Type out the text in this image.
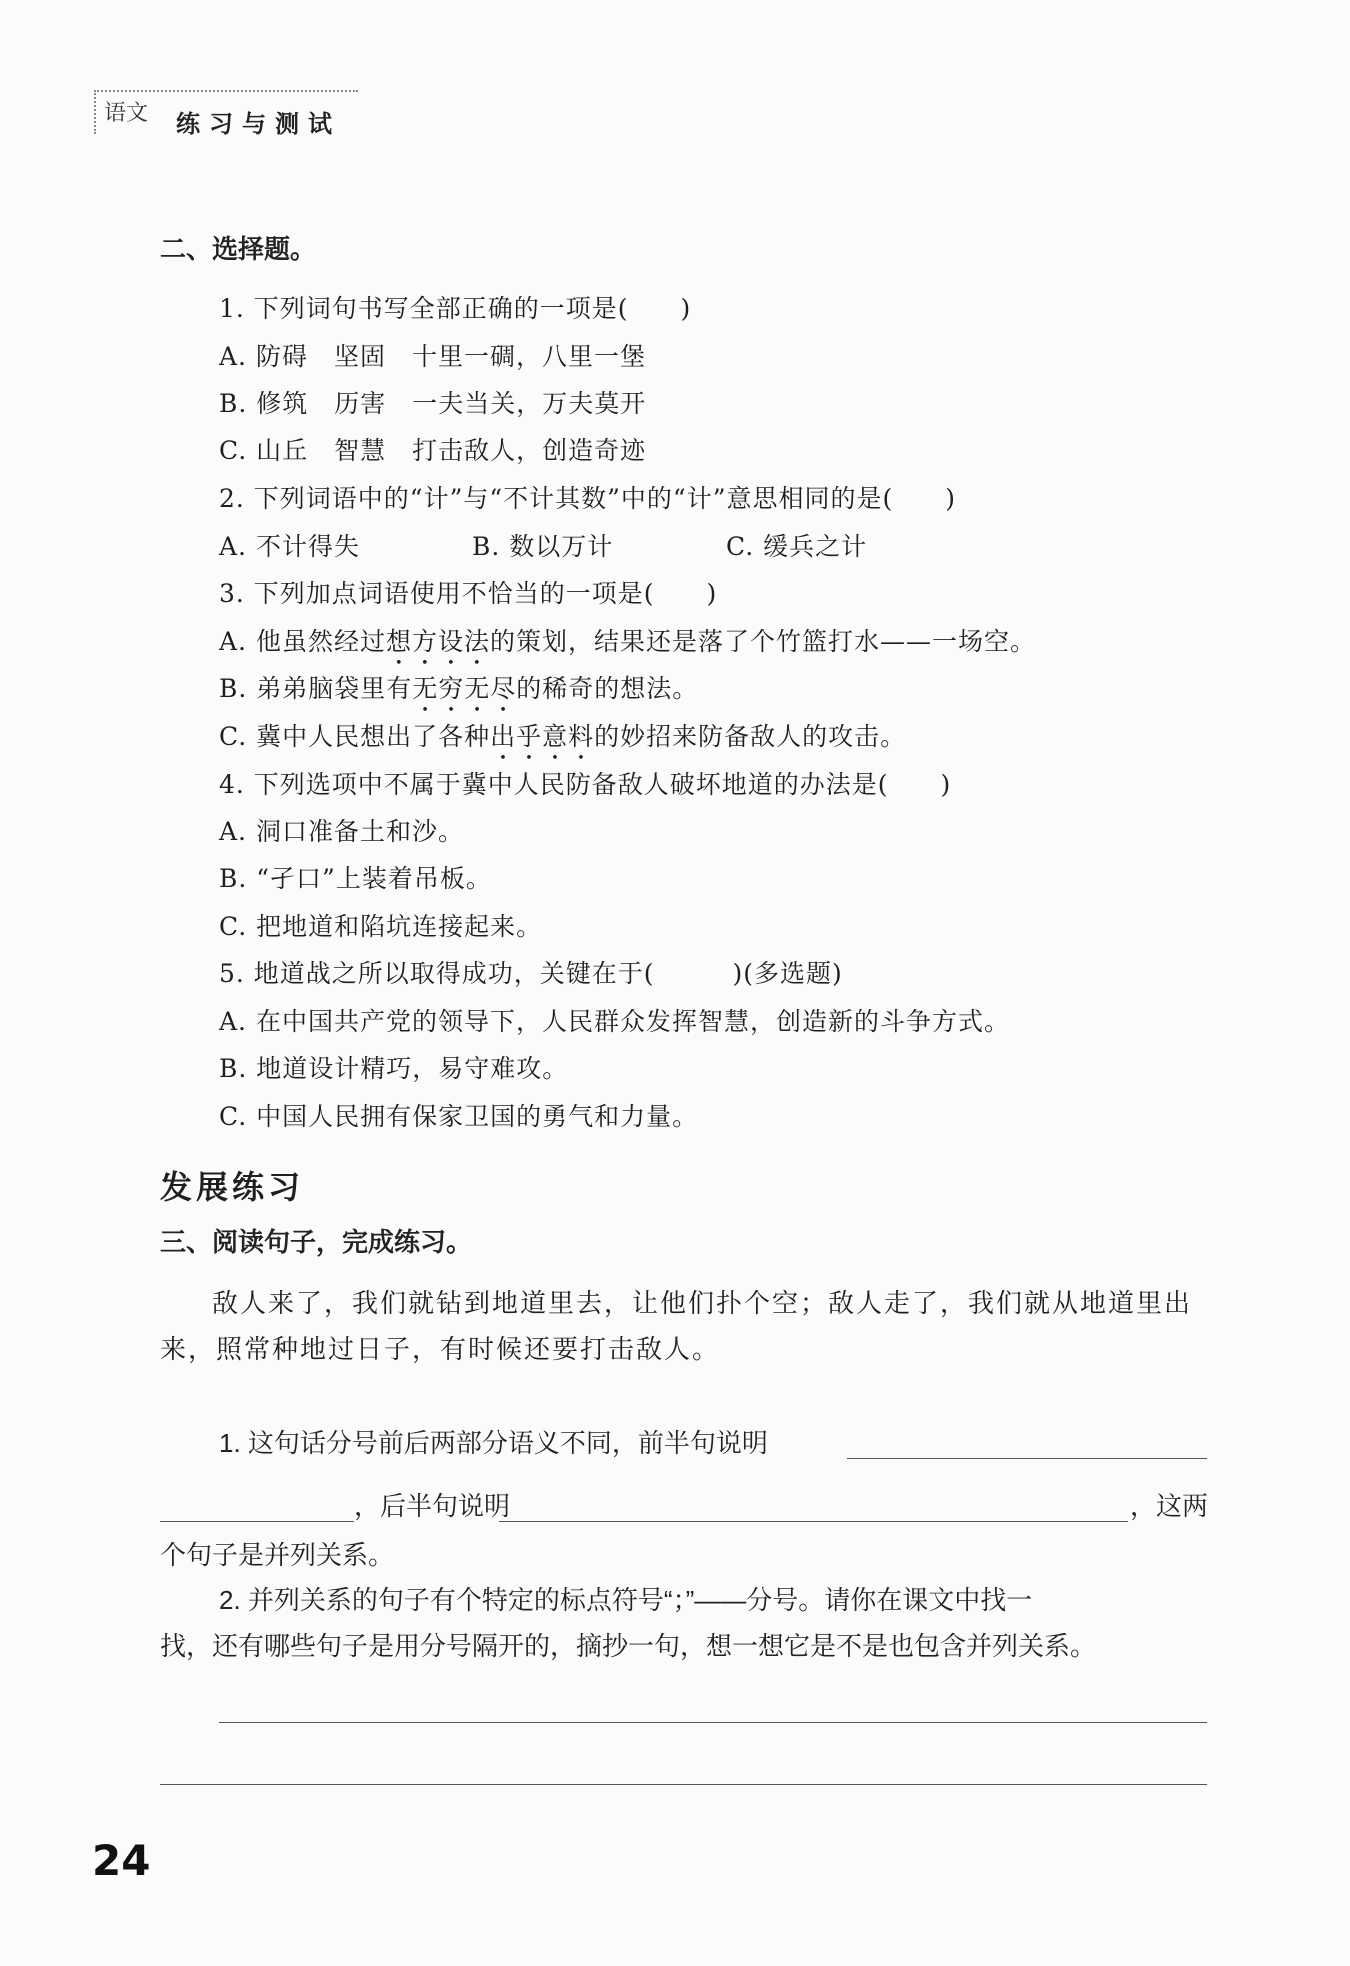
语文 练习与测试
二、选择题。
1. 下列词句书写全部正确的一项是(　　)
A. 防碍　坚固　十里一碉，八里一堡
B. 修筑　历害　一夫当关，万夫莫开
C. 山丘　智慧　打击敌人，创造奇迹
2. 下列词语中的“计”与“不计其数”中的“计”意思相同的是(　　)
A. 不计得失	B. 数以万计	C. 缓兵之计
3. 下列加点词语使用不恰当的一项是(　　)
A. 他虽然经过想方设法的策划，结果还是落了个竹篮打水——一场空。
B. 弟弟脑袋里有无穷无尽的稀奇的想法。
C. 冀中人民想出了各种出乎意料的妙招来防备敌人的攻击。
4. 下列选项中不属于冀中人民防备敌人破坏地道的办法是(　　)
A. 洞口准备土和沙。
B. “孑口”上装着吊板。
C. 把地道和陷坑连接起来。
5. 地道战之所以取得成功，关键在于(　　　)(多选题)
A. 在中国共产党的领导下，人民群众发挥智慧，创造新的斗争方式。
B. 地道设计精巧，易守难攻。
C. 中国人民拥有保家卫国的勇气和力量。
发展练习
三、阅读句子，完成练习。
敌人来了，我们就钻到地道里去，让他们扑个空；敌人走了，我们就从地道里出来，照常种地过日子，有时候还要打击敌人。
1. 这句话分号前后两部分语义不同，前半句说明
，后半句说明	，这两
个句子是并列关系。
2. 并列关系的句子有个特定的标点符号“；”——分号。请你在课文中找一
找，还有哪些句子是用分号隔开的，摘抄一句，想一想它是不是也包含并列关系。
24
